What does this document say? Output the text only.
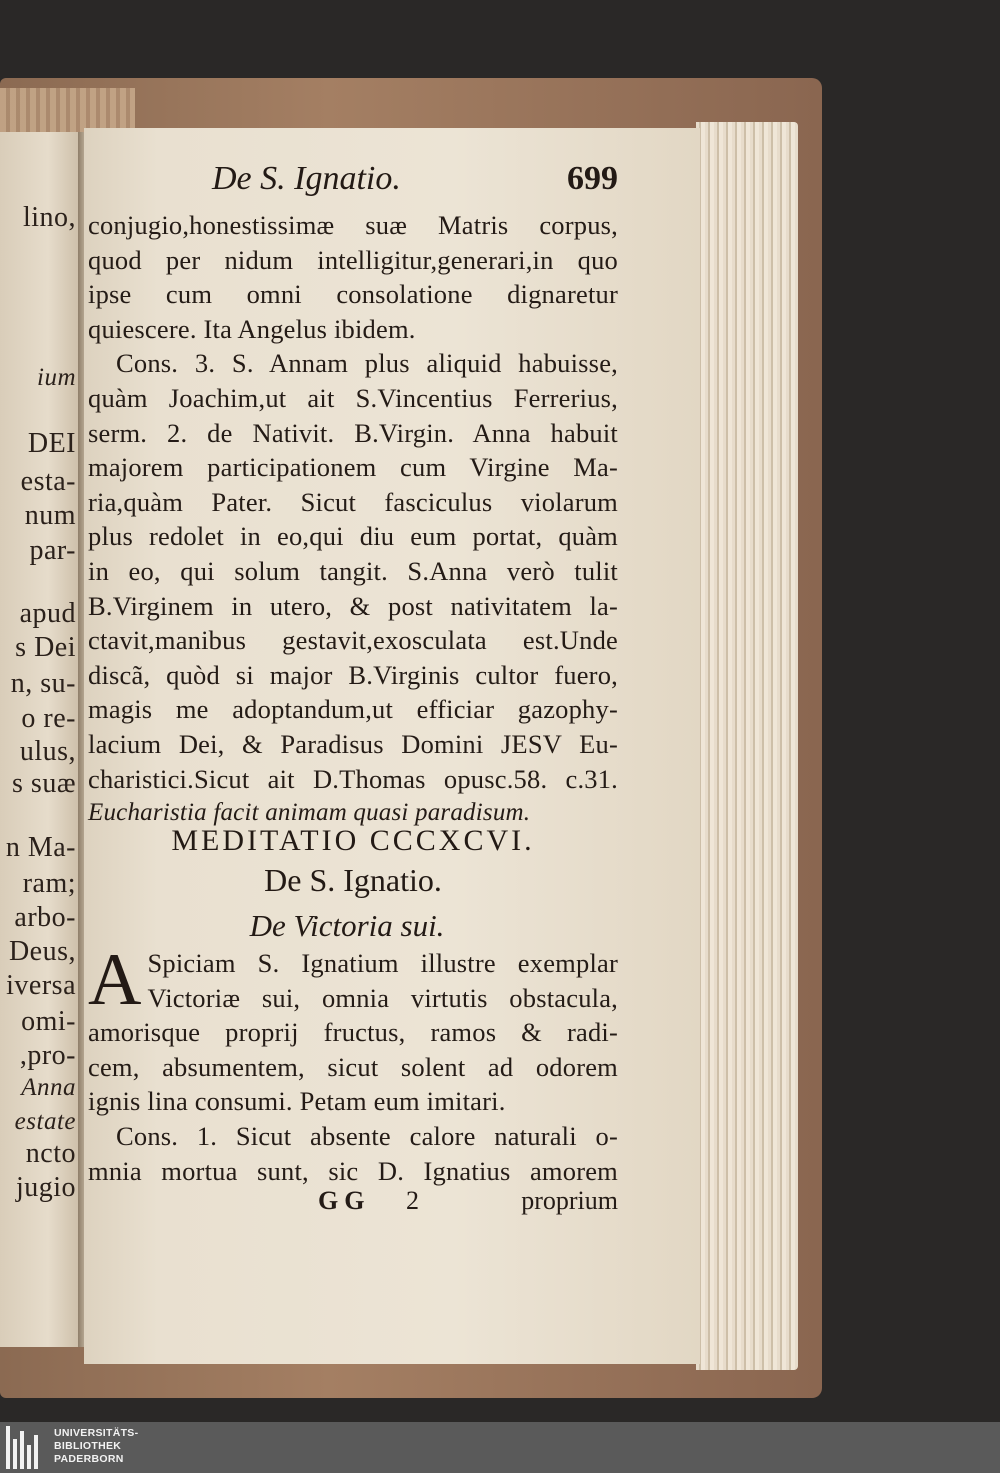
lino,
ium
DEI
esta-
num
par-
apud
s Dei
n, su-
o re-
ulus,
s suæ
n Ma-
ram;
arbo-
Deus,
iversa
omi-
,pro-
Anna
estate
ncto
jugio
De S. Ignatio.	699
conjugio,honestissimæ suæ Matris corpus,
quod per nidum intelligitur,generari,in quo
ipse cum omni consolatione dignaretur
quiescere. Ita Angelus ibidem.
Cons. 3. S. Annam plus aliquid habuisse,
quàm Joachim,ut ait S.Vincentius Ferrerius,
serm. 2. de Nativit. B.Virgin. Anna habuit
majorem participationem cum Virgine Ma-
ria,quàm Pater. Sicut fasciculus violarum
plus redolet in eo,qui diu eum portat, quàm
in eo, qui solum tangit. S.Anna verò tulit
B.Virginem in utero, & post nativitatem la-
ctavit,manibus gestavit,exosculata est.Unde
discã, quòd si major B.Virginis cultor fuero,
magis me adoptandum,ut efficiar gazophy-
lacium Dei, & Paradisus Domini JESV Eu-
charistici.Sicut ait D.Thomas opusc.58. c.31.
Eucharistia facit animam quasi paradisum.
MEDITATIO CCCXCVI.
De S. Ignatio.
De Victoria sui.
A Spiciam S. Ignatium illustre exemplar
Victoriæ sui, omnia virtutis obstacula,
amorisque proprij fructus, ramos & radi-
cem, absumentem, sicut solent ad odorem
ignis lina consumi. Petam eum imitari.
Cons. 1. Sicut absente calore naturali o-
mnia mortua sunt, sic D. Ignatius amorem
GG 2	proprium
UNIVERSITÄTS-
BIBLIOTHEK
PADERBORN
